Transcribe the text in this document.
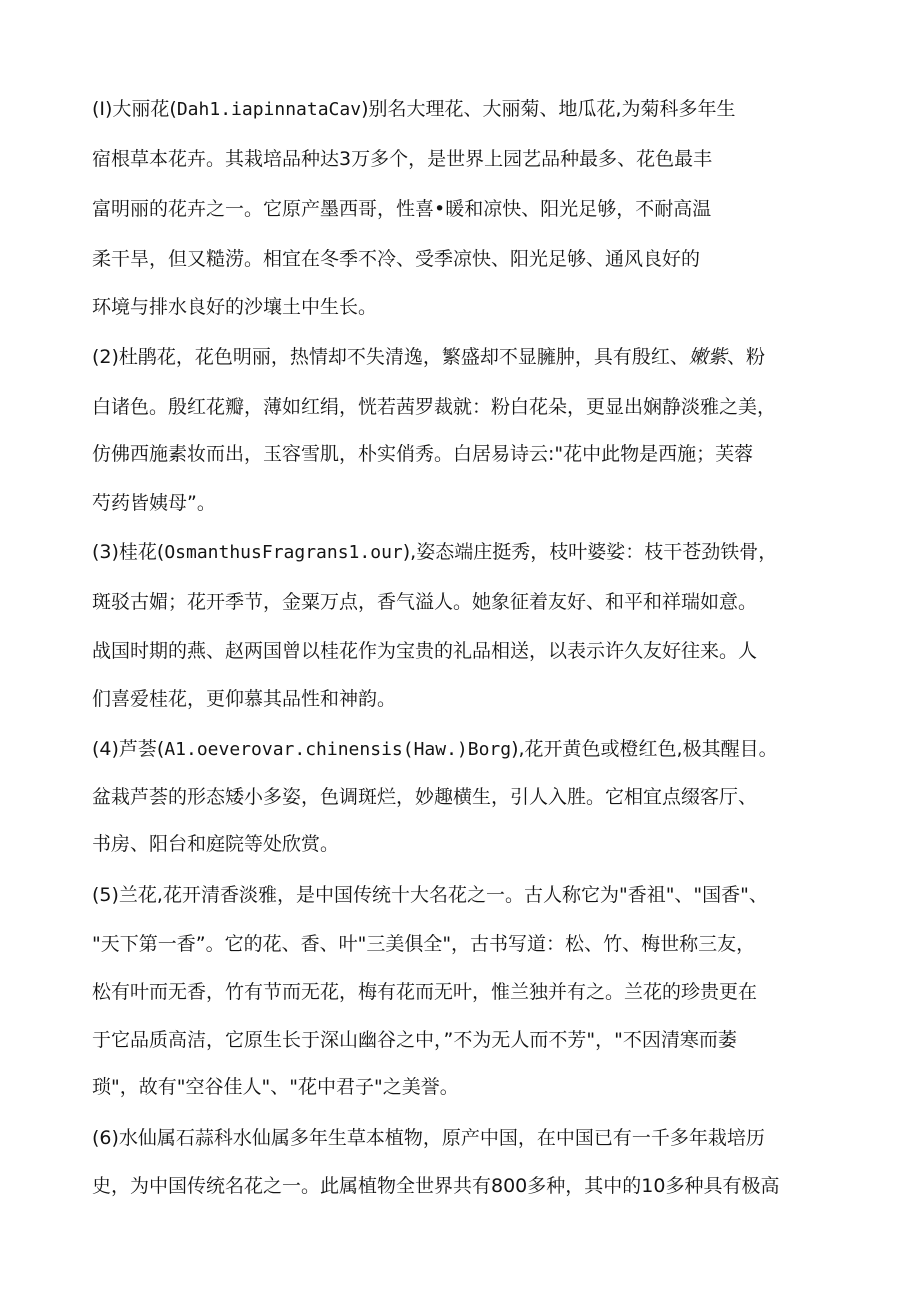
(I)大丽花(Dah1.iapinnataCav)别名大理花、大丽菊、地瓜花,为菊科多年生
宿根草本花卉。其栽培品种达3万多个，是世界上园艺品种最多、花色最丰
富明丽的花卉之一。它原产墨西哥，性喜•暖和凉快、阳光足够，不耐高温
柔干旱，但又糙涝。相宜在冬季不冷、受季凉快、阳光足够、通风良好的
环境与排水良好的沙壤土中生长。
(2)杜鹃花，花色明丽，热情却不失清逸，繁盛却不显臃肿，具有殷红、嫩紫、粉
白诸色。殷红花瓣，薄如红绢，恍若茜罗裁就：粉白花朵，更显出娴静淡雅之美，
仿佛西施素妆而出，玉容雪肌，朴实俏秀。白居易诗云:"花中此物是西施；芙蓉
芍药皆姨母”。
(3)桂花(OsmanthusFragrans1.our),姿态端庄挺秀，枝叶婆娑：枝干苍劲铁骨，
斑驳古媚；花开季节，金粟万点，香气溢人。她象征着友好、和平和祥瑞如意。
战国时期的燕、赵两国曾以桂花作为宝贵的礼品相送，以表示许久友好往来。人
们喜爱桂花，更仰慕其品性和神韵。
(4)芦荟(A1.oeverovar.chinensis(Haw.)Borg),花开黄色或橙红色,极其醒目。
盆栽芦荟的形态矮小多姿，色调斑烂，妙趣横生，引人入胜。它相宜点缀客厅、
书房、阳台和庭院等处欣赏。
(5)兰花,花开清香淡雅，是中国传统十大名花之一。古人称它为"香祖"、"国香"、
"天下第一香”。它的花、香、叶"三美俱全"，古书写道：松、竹、梅世称三友，
松有叶而无香，竹有节而无花，梅有花而无叶，惟兰独并有之。兰花的珍贵更在
于它品质高洁，它原生长于深山幽谷之中，”不为无人而不芳"，"不因清寒而萎
琐"，故有"空谷佳人"、"花中君子"之美誉。
(6)水仙属石蒜科水仙属多年生草本植物，原产中国，在中国已有一千多年栽培历
史，为中国传统名花之一。此属植物全世界共有800多种，其中的10多种具有极高
